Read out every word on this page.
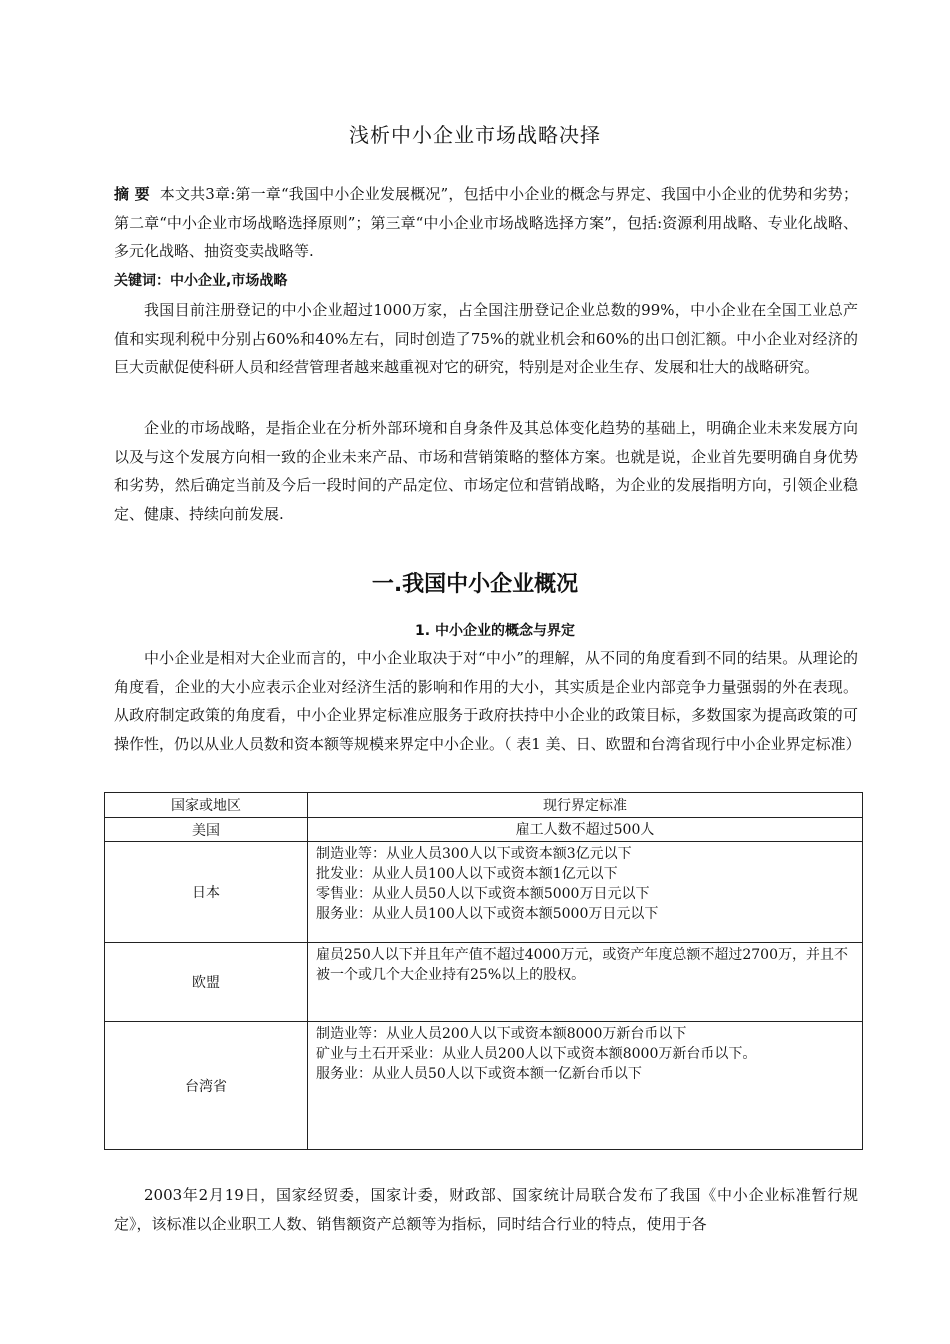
浅析中小企业市场战略决择
摘 要 本文共3章:第一章“我国中小企业发展概况”，包括中小企业的概念与界定、我国中小企业的优势和劣势；第二章“中小企业市场战略选择原则”；第三章“中小企业市场战略选择方案”，包括:资源利用战略、专业化战略、多元化战略、抽资变卖战略等.
关键词：中小企业,市场战略
我国目前注册登记的中小企业超过1000万家，占全国注册登记企业总数的99%，中小企业在全国工业总产值和实现利税中分别占60%和40%左右，同时创造了75%的就业机会和60%的出口创汇额。中小企业对经济的巨大贡献促使科研人员和经营管理者越来越重视对它的研究，特别是对企业生存、发展和壮大的战略研究。
企业的市场战略，是指企业在分析外部环境和自身条件及其总体变化趋势的基础上，明确企业未来发展方向以及与这个发展方向相一致的企业未来产品、市场和营销策略的整体方案。也就是说，企业首先要明确自身优势和劣势，然后确定当前及今后一段时间的产品定位、市场定位和营销战略，为企业的发展指明方向，引领企业稳定、健康、持续向前发展.
一.我国中小企业概况
1. 中小企业的概念与界定
中小企业是相对大企业而言的，中小企业取决于对“中小”的理解，从不同的角度看到不同的结果。从理论的角度看，企业的大小应表示企业对经济生活的影响和作用的大小，其实质是企业内部竞争力量强弱的外在表现。从政府制定政策的角度看，中小企业界定标准应服务于政府扶持中小企业的政策目标，多数国家为提高政策的可操作性，仍以从业人员数和资本额等规模来界定中小企业。（ 表1 美、日、欧盟和台湾省现行中小企业界定标准）
国家或地区	现行界定标准
美国	雇工人数不超过500人

日本	制造业等：从业人员300人以下或资本额3亿元以下
批发业：从业人员100人以下或资本额1亿元以下
零售业：从业人员50人以下或资本额5000万日元以下
服务业：从业人员100人以下或资本额5000万日元以下

欧盟	雇员250人以下并且年产值不超过4000万元，或资产年度总额不超过2700万，并且不被一个或几个大企业持有25%以上的股权。

台湾省	制造业等：从业人员200人以下或资本额8000万新台币以下
矿业与土石开采业：从业人员200人以下或资本额8000万新台币以下。
服务业：从业人员50人以下或资本额一亿新台币以下
2003年2月19日，国家经贸委，国家计委，财政部、国家统计局联合发布了我国《中小企业标准暂行规定》，该标准以企业职工人数、销售额资产总额等为指标，同时结合行业的特点，使用于各
